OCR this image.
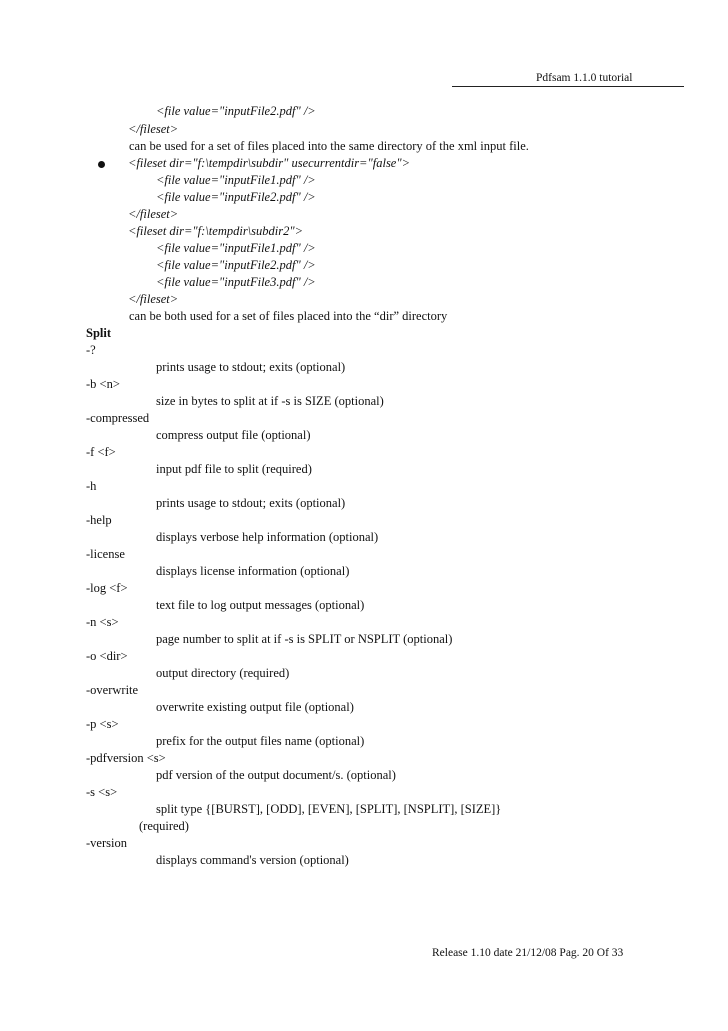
Pdfsam 1.1.0 tutorial
<file value="inputFile2.pdf" />
</fileset>
can be used for a set of files placed into the same directory of the xml input file.
<fileset dir="f:\tempdir\subdir" usecurrentdir="false">
<file value="inputFile1.pdf" />
<file value="inputFile2.pdf" />
</fileset>
<fileset dir="f:\tempdir\subdir2">
<file value="inputFile1.pdf" />
<file value="inputFile2.pdf" />
<file value="inputFile3.pdf" />
</fileset>
can be both used for a set of files placed into the “dir” directory
Split
-?
prints usage to stdout; exits (optional)
-b <n>
size in bytes to split at if -s is SIZE (optional)
-compressed
compress output file (optional)
-f <f>
input pdf file to split (required)
-h
prints usage to stdout; exits (optional)
-help
displays verbose help information (optional)
-license
displays license information (optional)
-log <f>
text file to log output messages (optional)
-n <s>
page number to split at if -s is SPLIT or NSPLIT (optional)
-o <dir>
output directory (required)
-overwrite
overwrite existing output file (optional)
-p <s>
prefix for the output files name (optional)
-pdfversion <s>
pdf version of the output document/s. (optional)
-s <s>
split type {[BURST], [ODD], [EVEN], [SPLIT], [NSPLIT], [SIZE]}
(required)
-version
displays command's version (optional)
Release 1.10 date 21/12/08 Pag. 20 Of 33
